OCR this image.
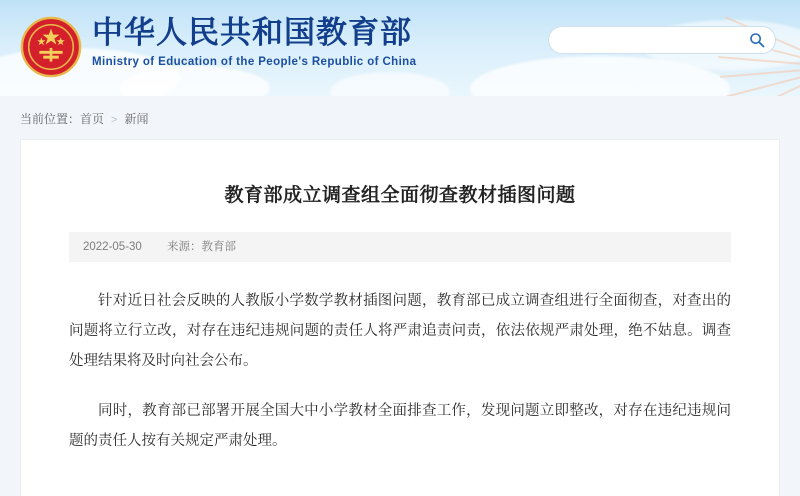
中华人民共和国教育部
Ministry of Education of the People's Republic of China
当前位置：首页 > 新闻
教育部成立调查组全面彻查教材插图问题
2022-05-30 来源：教育部

针对近日社会反映的人教版小学数学教材插图问题，教育部已成立调查组进行全面彻查，对查出的问题将立行立改，对存在违纪违规问题的责任人将严肃追责问责，依法依规严肃处理，绝不姑息。调查处理结果将及时向社会公布。

同时，教育部已部署开展全国大中小学教材全面排查工作，发现问题立即整改，对存在违纪违规问题的责任人按有关规定严肃处理。
